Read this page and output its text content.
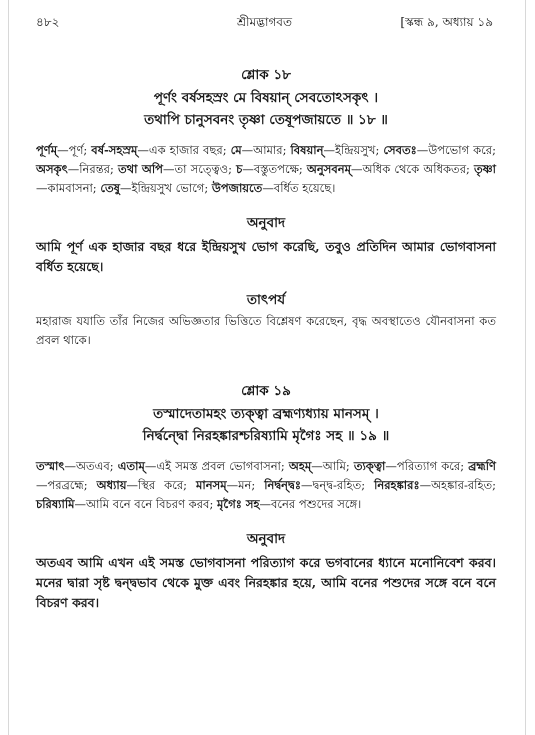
৪৮২	শ্রীমদ্ভাগবত	[স্কন্ধ ৯, অধ্যায় ১৯

শ্লোক ১৮

পূর্ণং বর্ষসহস্রং মে বিষয়ান্ সেবতোঽসকৃৎ ।

তথাপি চানুসবনং তৃষ্ণা তেষূপজায়তে ॥ ১৮ ॥

পূর্ণম্—পূর্ণ; বর্ষ-সহস্রম্—এক হাজার বছর; মে—আমার; বিষয়ান্—ইন্দ্রিয়সুখ; সেবতঃ—উপভোগ করে; অসকৃৎ—নিরন্তর; তথা অপি—তা সত্ত্বেও; চ—বস্তুতপক্ষে; অনুসবনম্—অধিক থেকে অধিকতর; তৃষ্ণা—কামবাসনা; তেষু—ইন্দ্রিয়সুখ ভোগে; উপজায়তে—বর্ধিত হয়েছে।

অনুবাদ

আমি পূর্ণ এক হাজার বছর ধরে ইন্দ্রিয়সুখ ভোগ করেছি, তবুও প্রতিদিন আমার ভোগবাসনা বর্ধিত হয়েছে।

তাৎপর্য

মহারাজ যযাতি তাঁর নিজের অভিজ্ঞতার ভিত্তিতে বিশ্লেষণ করেছেন, বৃদ্ধ অবস্থাতেও যৌনবাসনা কত প্রবল থাকে।

শ্লোক ১৯

তস্মাদেতামহং ত্যক্ত্বা ব্রহ্মণ্যধ্যায় মানসম্ ।

নির্দ্বন্দ্বো নিরহঙ্কারশ্চরিষ্যামি মৃগৈঃ সহ ॥ ১৯ ॥

তস্মাৎ—অতএব; এতাম্—এই সমস্ত প্রবল ভোগবাসনা; অহম্—আমি; ত্যক্ত্বা—পরিত্যাগ করে; ব্রহ্মণি—পরব্রহ্মে; অধ্যায়—স্থির করে; মানসম্—মন; নির্দ্বন্দ্বঃ—দ্বন্দ্ব-রহিত; নিরহঙ্কারঃ—অহঙ্কার-রহিত; চরিষ্যামি—আমি বনে বনে বিচরণ করব; মৃগৈঃ সহ—বনের পশুদের সঙ্গে।

অনুবাদ

অতএব আমি এখন এই সমস্ত ভোগবাসনা পরিত্যাগ করে ভগবানের ধ্যানে মনোনিবেশ করব। মনের দ্বারা সৃষ্ট দ্বন্দ্বভাব থেকে মুক্ত এবং নিরহঙ্কার হয়ে, আমি বনের পশুদের সঙ্গে বনে বনে বিচরণ করব।
